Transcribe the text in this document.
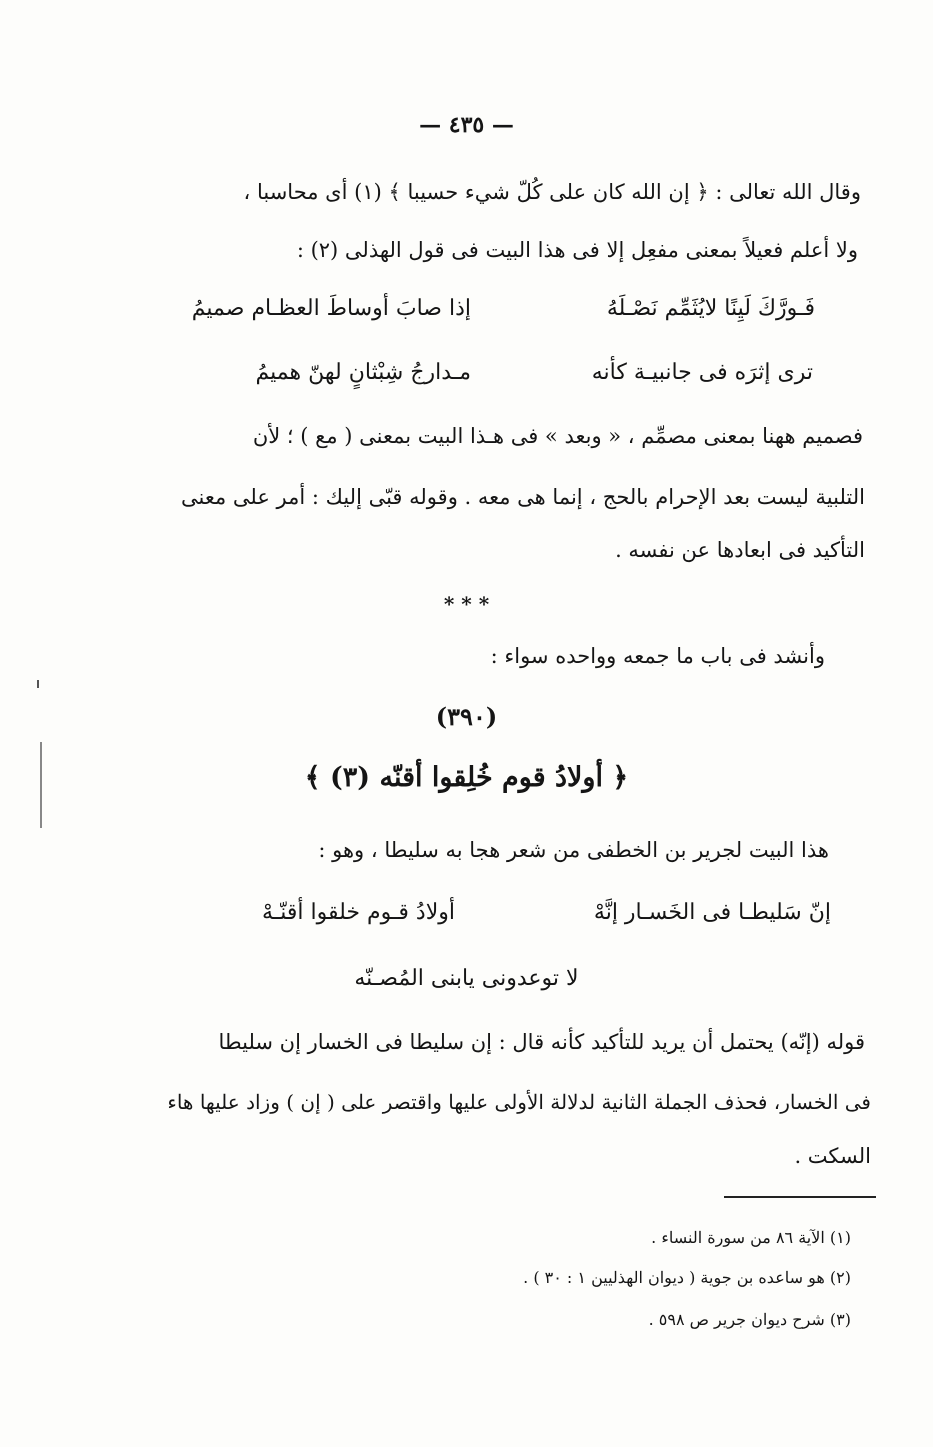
— ٤٣٥ —
وقال الله تعالى : ﴿ إن الله كان على كُلّ شيء حسيبا ﴾ (١) أى محاسبا ،
ولا أعلم فعيلاً بمعنى مفعِل إلا فى هذا البيت فى قول الهذلى (٢) :
فَـورَّكَ لَيِنًا لايُثَمِّم نَصْـلَهُ
إذا صابَ أوساطَ العظـام صميمُ
ترى إثرَه فى جانبيـة كأنه
مـدارجُ شِبْثانٍ لهنّ هميمُ
فصميم ههنا بمعنى مصمِّم ، « وبعد » فى هـذا البيت بمعنى ( مع ) ؛ لأن
التلبية ليست بعد الإحرام بالحج ، إنما هى معه . وقوله قبّى إليك : أمر على معنى
التأكيد فى ابعادها عن نفسه .
* * *
وأنشد فى باب ما جمعه وواحده سواء :
(٣٩٠)
﴿ أولادُ قوم خُلِقوا أقنّه (٣) ﴾
هذا البيت لجرير بن الخطفى من شعر هجا به سليطا ، وهو :
إنّ سَليطـا فى الخَسـار إنَّهْ
أولادُ قـوم خلقوا أقنّـهْ
لا توعدونى يابنى المُصـنّه
قوله (إنّه) يحتمل أن يريد للتأكيد كأنه قال : إن سليطا فى الخسار إن سليطا
فى الخسار، فحذف الجملة الثانية لدلالة الأولى عليها واقتصر على ( إن ) وزاد عليها هاء
السكت .
(١) الآية ٨٦ من سورة النساء .
(٢) هو ساعده بن جوية ( ديوان الهذليين ١ : ٣٠ ) .
(٣) شرح ديوان جرير ص ٥٩٨ .
